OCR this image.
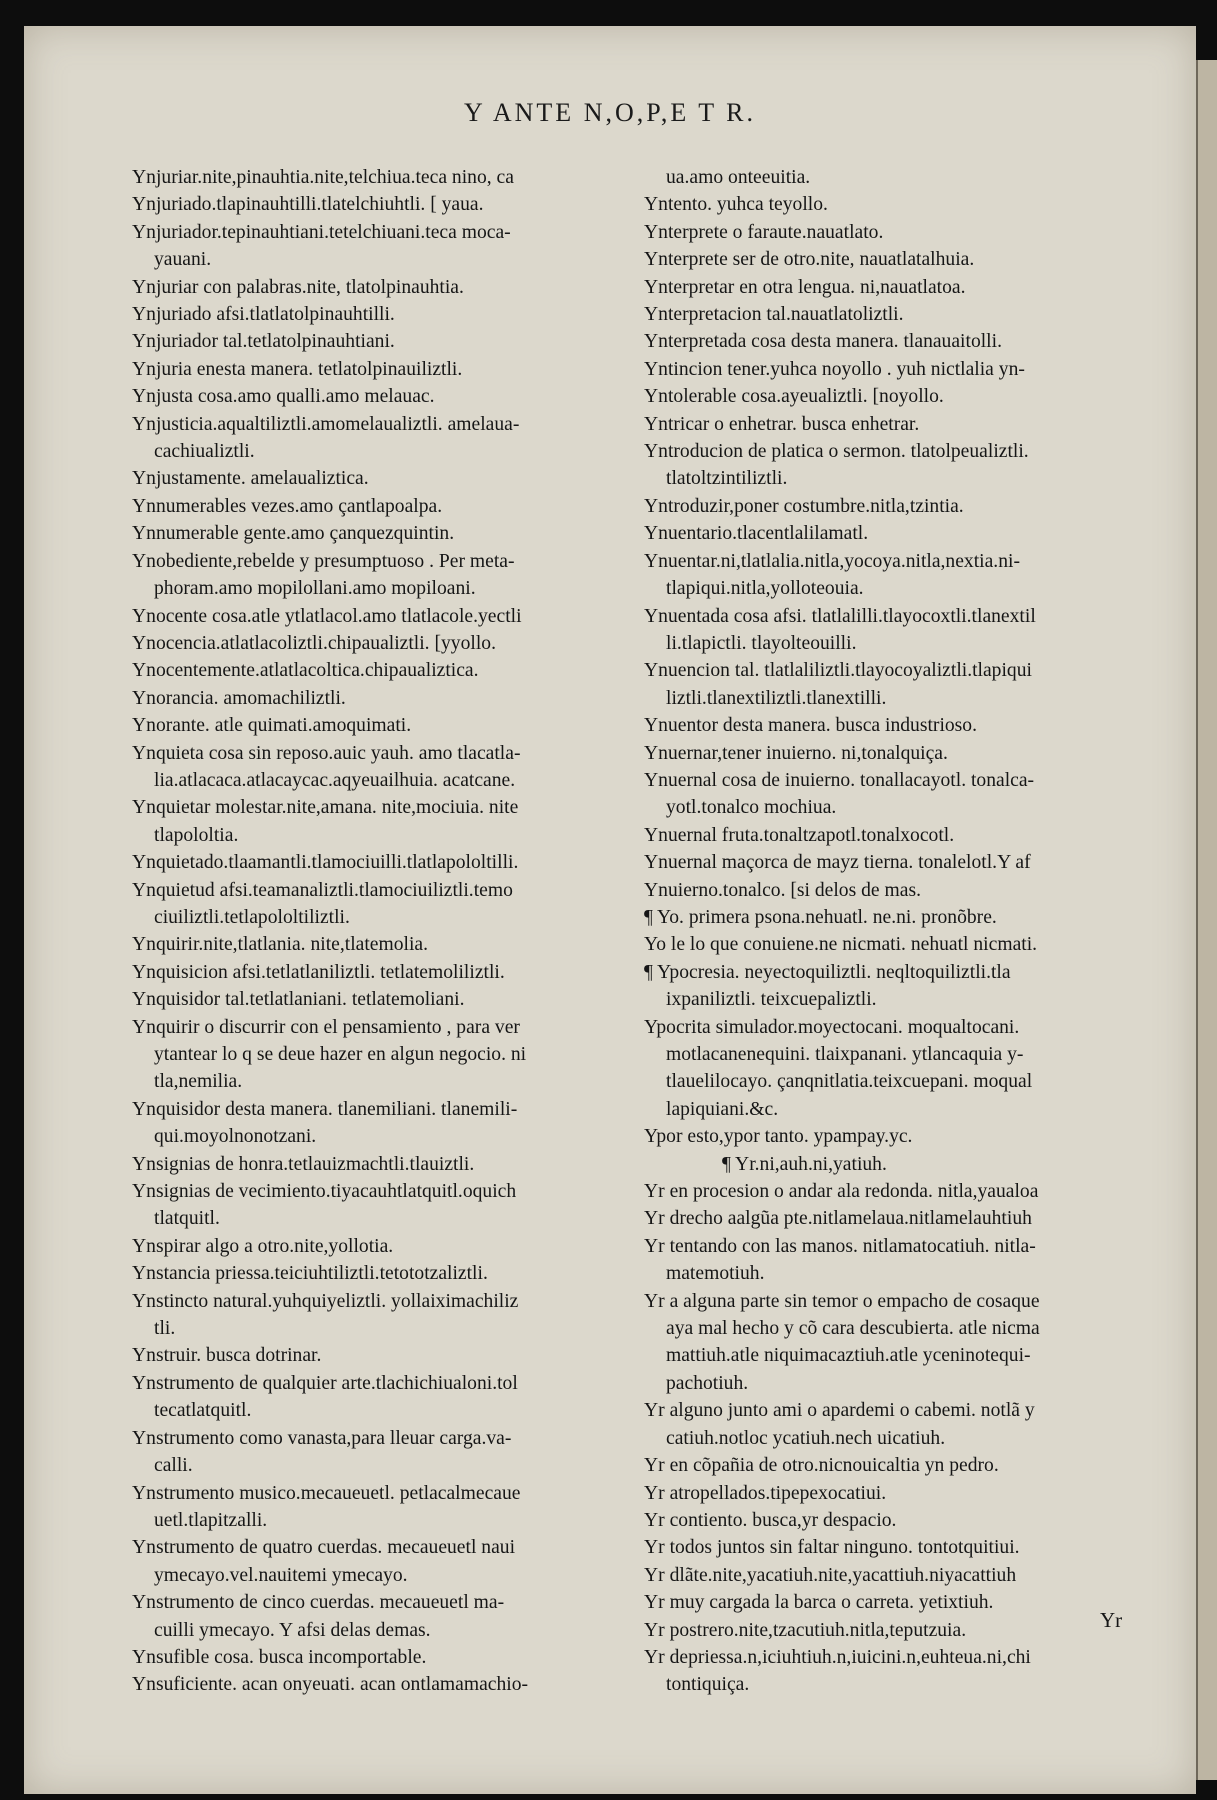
Y ANTE N,O,P,E T R.
Ynjuriar.nite,pinauhtia.nite,telchiua.teca nino, ca
Ynjuriado.tlapinauhtilli.tlatelchiuhtli. [ yaua.
Ynjuriador.tepinauhtiani.tetelchiuani.teca moca-
yauani.
Ynjuriar con palabras.nite, tlatolpinauhtia.
Ynjuriado afsi.tlatlatolpinauhtilli.
Ynjuriador tal.tetlatolpinauhtiani.
Ynjuria enesta manera. tetlatolpinauiliztli.
Ynjusta cosa.amo qualli.amo melauac.
Ynjusticia.aqualtiliztli.amomelaualiztli. amelaua-
cachiualiztli.
Ynjustamente. amelaualiztica.
Ynnumerables vezes.amo çantlapoalpa.
Ynnumerable gente.amo çanquezquintin.
Ynobediente,rebelde y presumptuoso . Per meta-
phoram.amo mopilollani.amo mopiloani.
Ynocente cosa.atle ytlatlacol.amo tlatlacole.yectli
Ynocencia.atlatlacoliztli.chipaualiztli. [yyollo.
Ynocentemente.atlatlacoltica.chipaualiztica.
Ynorancia. amomachiliztli.
Ynorante. atle quimati.amoquimati.
Ynquieta cosa sin reposo.auic yauh. amo tlacatla-
lia.atlacaca.atlacaycac.aqyeuailhuia. acatcane.
Ynquietar molestar.nite,amana. nite,mociuia. nite
tlapololtia.
Ynquietado.tlaamantli.tlamociuilli.tlatlapololtilli.
Ynquietud afsi.teamanaliztli.tlamociuiliztli.temo
ciuiliztli.tetlapololtiliztli.
Ynquirir.nite,tlatlania. nite,tlatemolia.
Ynquisicion afsi.tetlatlaniliztli. tetlatemoliliztli.
Ynquisidor tal.tetlatlaniani. tetlatemoliani.
Ynquirir o discurrir con el pensamiento , para ver
ytantear lo q se deue hazer en algun negocio. ni
tla,nemilia.
Ynquisidor desta manera. tlanemiliani. tlanemili-
qui.moyolnonotzani.
Ynsignias de honra.tetlauizmachtli.tlauiztli.
Ynsignias de vecimiento.tiyacauhtlatquitl.oquich
tlatquitl.
Ynspirar algo a otro.nite,yollotia.
Ynstancia priessa.teiciuhtiliztli.tetototzaliztli.
Ynstincto natural.yuhquiyeliztli. yollaiximachiliz
tli.
Ynstruir. busca dotrinar.
Ynstrumento de qualquier arte.tlachichiualoni.tol
tecatlatquitl.
Ynstrumento como vanasta,para lleuar carga.va-
calli.
Ynstrumento musico.mecaueuetl. petlacalmecaue
uetl.tlapitzalli.
Ynstrumento de quatro cuerdas. mecaueuetl naui
ymecayo.vel.nauitemi ymecayo.
Ynstrumento de cinco cuerdas. mecaueuetl ma-
cuilli ymecayo. Y afsi delas demas.
Ynsufible cosa. busca incomportable.
Ynsuficiente. acan onyeuati. acan ontlamamachio-
ua.amo onteeuitia.
Yntento. yuhca teyollo.
Ynterprete o faraute.nauatlato.
Ynterprete ser de otro.nite, nauatlatalhuia.
Ynterpretar en otra lengua. ni,nauatlatoa.
Ynterpretacion tal.nauatlatoliztli.
Ynterpretada cosa desta manera. tlanauaitolli.
Yntincion tener.yuhca noyollo . yuh nictlalia yn-
Yntolerable cosa.ayeualiztli. [noyollo.
Yntricar o enhetrar. busca enhetrar.
Yntroducion de platica o sermon. tlatolpeualiztli.
tlatoltzintiliztli.
Yntroduzir,poner costumbre.nitla,tzintia.
Ynuentario.tlacentlalilamatl.
Ynuentar.ni,tlatlalia.nitla,yocoya.nitla,nextia.ni-
tlapiqui.nitla,yolloteouia.
Ynuentada cosa afsi. tlatlalilli.tlayocoxtli.tlanextil
li.tlapictli. tlayolteouilli.
Ynuencion tal. tlatlaliliztli.tlayocoyaliztli.tlapiqui
liztli.tlanextiliztli.tlanextilli.
Ynuentor desta manera. busca industrioso.
Ynuernar,tener inuierno. ni,tonalquiça.
Ynuernal cosa de inuierno. tonallacayotl. tonalca-
yotl.tonalco mochiua.
Ynuernal fruta.tonaltzapotl.tonalxocotl.
Ynuernal maçorca de mayz tierna. tonalelotl.Y af
Ynuierno.tonalco. [si delos de mas.
¶ Yo. primera psona.nehuatl. ne.ni. pronõbre.
Yo le lo que conuiene.ne nicmati. nehuatl nicmati.
¶ Ypocresia. neyectoquiliztli. neqltoquiliztli.tla
ixpaniliztli. teixcuepaliztli.
Ypocrita simulador.moyectocani. moqualtocani.
motlacanenequini. tlaixpanani. ytlancaquia y-
tlauelilocayo. çanqnitlatia.teixcuepani. moqual
lapiquiani.&c.
Ypor esto,ypor tanto. ypampay.yc.
¶ Yr.ni,auh.ni,yatiuh.
Yr en procesion o andar ala redonda. nitla,yaualoa
Yr drecho aalgũa pte.nitlamelaua.nitlamelauhtiuh
Yr tentando con las manos. nitlamatocatiuh. nitla-
matemotiuh.
Yr a alguna parte sin temor o empacho de cosaque
aya mal hecho y cõ cara descubierta. atle nicma
mattiuh.atle niquimacaztiuh.atle yceninotequi-
pachotiuh.
Yr alguno junto ami o apardemi o cabemi. notlã y
catiuh.notloc ycatiuh.nech uicatiuh.
Yr en cõpañia de otro.nicnouicaltia yn pedro.
Yr atropellados.tipepexocatiui.
Yr contiento. busca,yr despacio.
Yr todos juntos sin faltar ninguno. tontotquitiui.
Yr dlãte.nite,yacatiuh.nite,yacattiuh.niyacattiuh
Yr muy cargada la barca o carreta. yetixtiuh.
Yr postrero.nite,tzacutiuh.nitla,teputzuia.
Yr depriessa.n,iciuhtiuh.n,iuicini.n,euhteua.ni,chi
tontiquiça.
Yr
